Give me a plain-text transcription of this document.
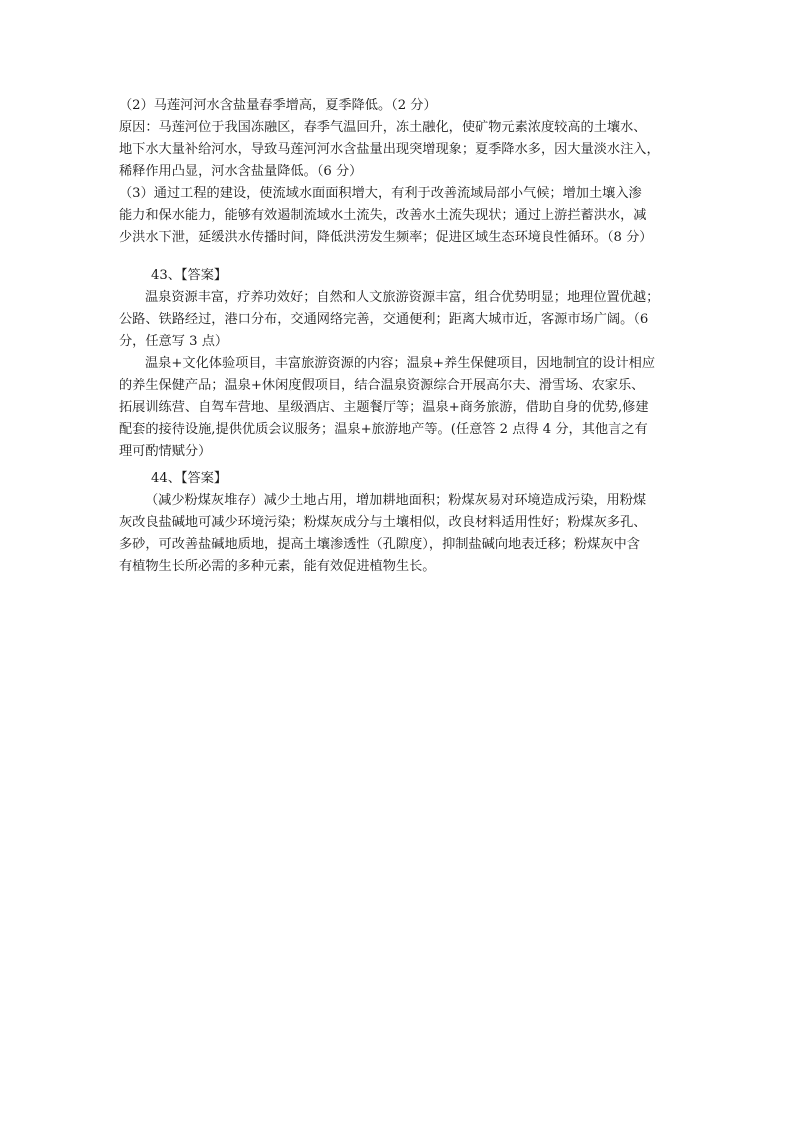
（2）马莲河河水含盐量春季增高，夏季降低。（2 分）
原因：马莲河位于我国冻融区，春季气温回升，冻土融化，使矿物元素浓度较高的土壤水、
地下水大量补给河水，导致马莲河河水含盐量出现突增现象；夏季降水多，因大量淡水注入，
稀释作用凸显，河水含盐量降低。（6 分）
（3）通过工程的建设，使流域水面面积增大，有利于改善流域局部小气候；增加土壤入渗
能力和保水能力，能够有效遏制流域水土流失，改善水土流失现状；通过上游拦蓄洪水，减
少洪水下泄，延缓洪水传播时间，降低洪涝发生频率；促进区域生态环境良性循环。（8 分）
43、【答案】
温泉资源丰富，疗养功效好；自然和人文旅游资源丰富，组合优势明显；地理位置优越；
公路、铁路经过，港口分布，交通网络完善，交通便利；距离大城市近，客源市场广阔。（6
分，任意写 3 点）
温泉+文化体验项目，丰富旅游资源的内容；温泉+养生保健项目，因地制宜的设计相应
的养生保健产品；温泉+休闲度假项目，结合温泉资源综合开展高尔夫、滑雪场、农家乐、
拓展训练营、自驾车营地、星级酒店、主题餐厅等；温泉+商务旅游，借助自身的优势,修建
配套的接待设施,提供优质会议服务；温泉+旅游地产等。(任意答 2 点得 4 分，其他言之有
理可酌情赋分）
44、【答案】
（减少粉煤灰堆存）减少土地占用，增加耕地面积；粉煤灰易对环境造成污染，用粉煤
灰改良盐碱地可减少环境污染；粉煤灰成分与土壤相似，改良材料适用性好；粉煤灰多孔、
多砂，可改善盐碱地质地，提高土壤渗透性（孔隙度），抑制盐碱向地表迁移；粉煤灰中含
有植物生长所必需的多种元素，能有效促进植物生长。
